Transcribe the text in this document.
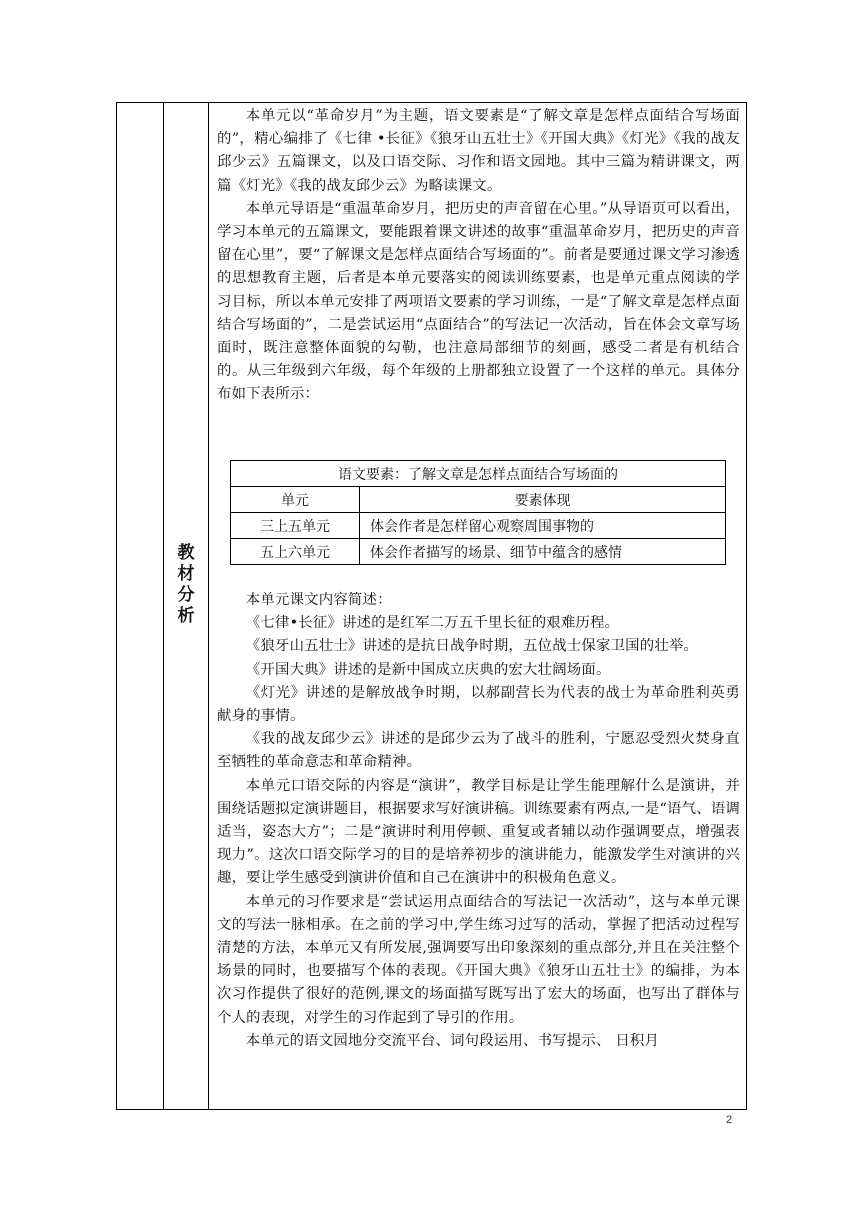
教
材
分
析

本单元以“革命岁月”为主题，语文要素是“了解文章是怎样点面结合写场面的”，精心编排了《七律 •长征》《狼牙山五壮士》《开国大典》《灯光》《我的战友邱少云》五篇课文，以及口语交际、习作和语文园地。其中三篇为精讲课文，两篇《灯光》《我的战友邱少云》为略读课文。

本单元导语是“重温革命岁月，把历史的声音留在心里。”从导语页可以看出，学习本单元的五篇课文，要能跟着课文讲述的故事“重温革命岁月，把历史的声音留在心里”，要“了解课文是怎样点面结合写场面的”。前者是要通过课文学习渗透的思想教育主题，后者是本单元要落实的阅读训练要素，也是单元重点阅读的学习目标，所以本单元安排了两项语文要素的学习训练，一是“了解文章是怎样点面结合写场面的”，二是尝试运用“点面结合”的写法记一次活动，旨在体会文章写场面时，既注意整体面貌的勾勒，也注意局部细节的刻画，感受二者是有机结合的。从三年级到六年级，每个年级的上册都独立设置了一个这样的单元。具体分布如下表所示：

语文要素：了解文章是怎样点面结合写场面的	
单元	要素体现
三上五单元	体会作者是怎样留心观察周围事物的
五上六单元	体会作者描写的场景、细节中蕴含的感情

本单元课文内容简述：

《七律•长征》讲述的是红军二万五千里长征的艰难历程。

《狼牙山五壮士》讲述的是抗日战争时期，五位战士保家卫国的壮举。

《开国大典》讲述的是新中国成立庆典的宏大壮阔场面。

《灯光》讲述的是解放战争时期，以郝副营长为代表的战士为革命胜利英勇献身的事情。

《我的战友邱少云》讲述的是邱少云为了战斗的胜利，宁愿忍受烈火焚身直至牺牲的革命意志和革命精神。

本单元口语交际的内容是“演讲”，教学目标是让学生能理解什么是演讲，并围绕话题拟定演讲题目，根据要求写好演讲稿。训练要素有两点,一是“语气、语调适当，姿态大方”；二是“演讲时利用停顿、重复或者辅以动作强调要点，增强表现力”。这次口语交际学习的目的是培养初步的演讲能力，能激发学生对演讲的兴趣，要让学生感受到演讲价值和自己在演讲中的积极角色意义。

本单元的习作要求是“尝试运用点面结合的写法记一次活动”，这与本单元课文的写法一脉相承。在之前的学习中,学生练习过写的活动，掌握了把活动过程写清楚的方法，本单元又有所发展,强调要写出印象深刻的重点部分,并且在关注整个场景的同时，也要描写个体的表现。《开国大典》《狼牙山五壮士》的编排，为本次习作提供了很好的范例,课文的场面描写既写出了宏大的场面，也写出了群体与个人的表现，对学生的习作起到了导引的作用。

本单元的语文园地分交流平台、词句段运用、书写提示、 日积月

2
